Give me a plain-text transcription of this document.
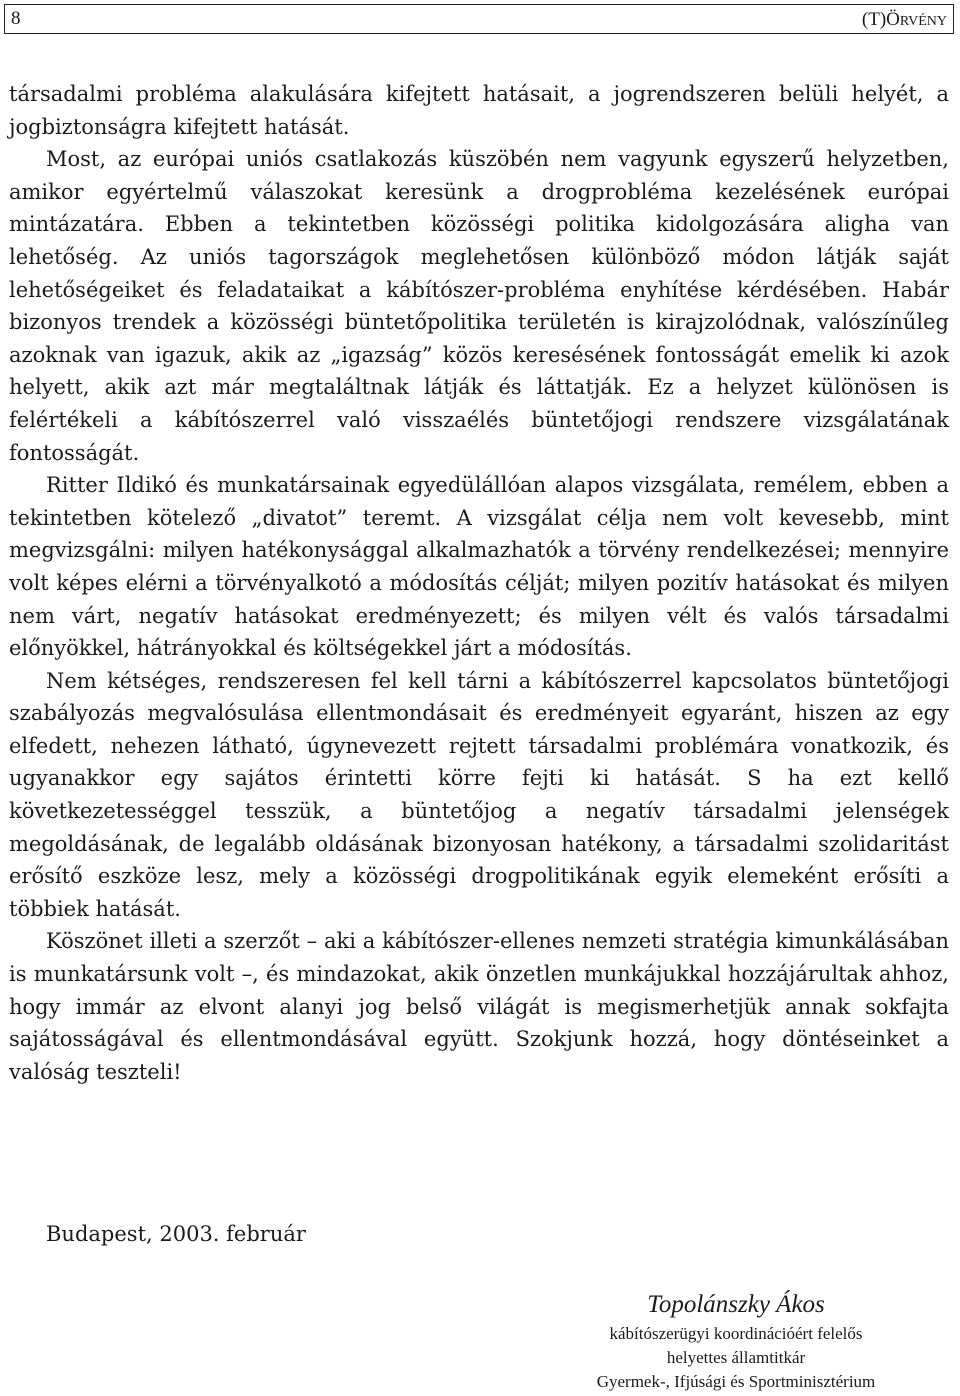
8	(T)ÖRVÉNY

társadalmi probléma alakulására kifejtett hatásait, a jogrendszeren belüli helyét, a jogbiztonságra kifejtett hatását.

Most, az európai uniós csatlakozás küszöbén nem vagyunk egyszerű helyzetben, amikor egyértelmű válaszokat keresünk a drogprobléma kezelésének európai mintázatára. Ebben a tekintetben közösségi politika kidolgozására aligha van lehetőség. Az uniós tagországok meglehetősen különböző módon látják saját lehetőségeiket és feladataikat a kábítószer-probléma enyhítése kérdésében. Habár bizonyos trendek a közösségi büntetőpolitika területén is kirajzolódnak, valószínűleg azoknak van igazuk, akik az „igazság” közös keresésének fontosságát emelik ki azok helyett, akik azt már megtaláltnak látják és láttatják. Ez a helyzet különösen is felértékeli a kábítószerrel való visszaélés büntetőjogi rendszere vizsgálatának fontosságát.

Ritter Ildikó és munkatársainak egyedülállóan alapos vizsgálata, remélem, ebben a tekintetben kötelező „divatot” teremt. A vizsgálat célja nem volt kevesebb, mint megvizsgálni: milyen hatékonysággal alkalmazhatók a törvény rendelkezései; mennyire volt képes elérni a törvényalkotó a módosítás célját; milyen pozitív hatásokat és milyen nem várt, negatív hatásokat eredményezett; és milyen vélt és valós társadalmi előnyökkel, hátrányokkal és költségekkel járt a módosítás.

Nem kétséges, rendszeresen fel kell tárni a kábítószerrel kapcsolatos büntetőjogi szabályozás megvalósulása ellentmondásait és eredményeit egyaránt, hiszen az egy elfedett, nehezen látható, úgynevezett rejtett társadalmi problémára vonatkozik, és ugyanakkor egy sajátos érintetti körre fejti ki hatását. S ha ezt kellő következetességgel tesszük, a büntetőjog a negatív társadalmi jelenségek megoldásának, de legalább oldásának bizonyosan hatékony, a társadalmi szolidaritást erősítő eszköze lesz, mely a közösségi drogpolitikának egyik elemeként erősíti a többiek hatását.

Köszönet illeti a szerzőt – aki a kábítószer-ellenes nemzeti stratégia kimunkálásában is munkatársunk volt –, és mindazokat, akik önzetlen munkájukkal hozzájárultak ahhoz, hogy immár az elvont alanyi jog belső világát is megismerhetjük annak sokfajta sajátosságával és ellentmondásával együtt. Szokjunk hozzá, hogy döntéseinket a valóság teszteli!

Budapest, 2003. február
Topolánszky Ákos
kábítószerügyi koordinációért felelős
helyettes államtitkár
Gyermek-, Ifjúsági és Sportminisztérium
